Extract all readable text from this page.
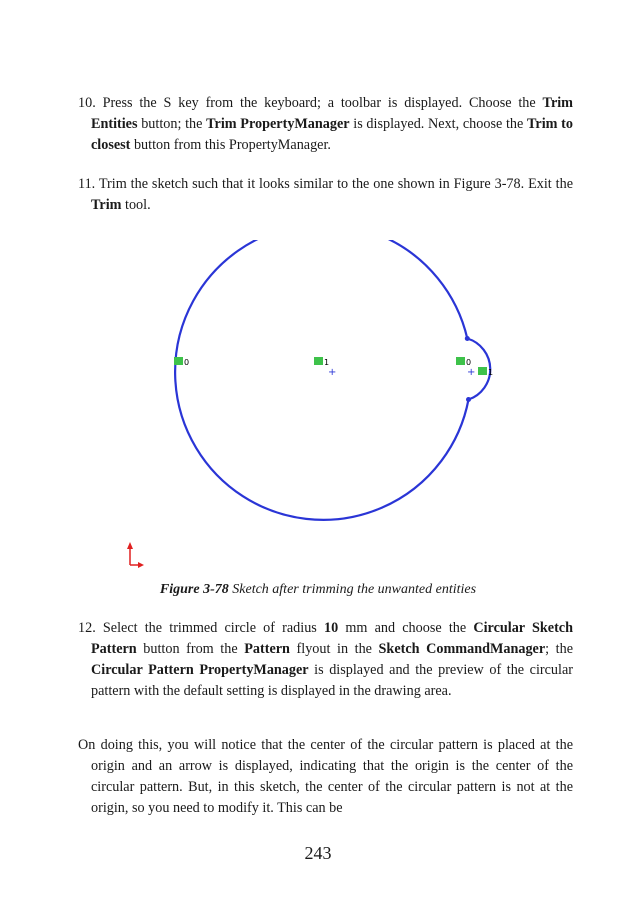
10. Press the S key from the keyboard; a toolbar is displayed. Choose the Trim Entities button; the Trim PropertyManager is displayed. Next, choose the Trim to closest button from this PropertyManager.

11. Trim the sketch such that it looks similar to the one shown in Figure 3-78. Exit the Trim tool.

0	1
+
0
+ 1
Figure 3-78 Sketch after trimming the unwanted entities

12. Select the trimmed circle of radius 10 mm and choose the Circular Sketch Pattern button from the Pattern flyout in the Sketch CommandManager; the Circular Pattern PropertyManager is displayed and the preview of the circular pattern with the default setting is displayed in the drawing area.

On doing this, you will notice that the center of the circular pattern is placed at the origin and an arrow is displayed, indicating that the origin is the center of the circular pattern. But, in this sketch, the center of the circular pattern is not at the origin, so you need to modify it. This can be

243
